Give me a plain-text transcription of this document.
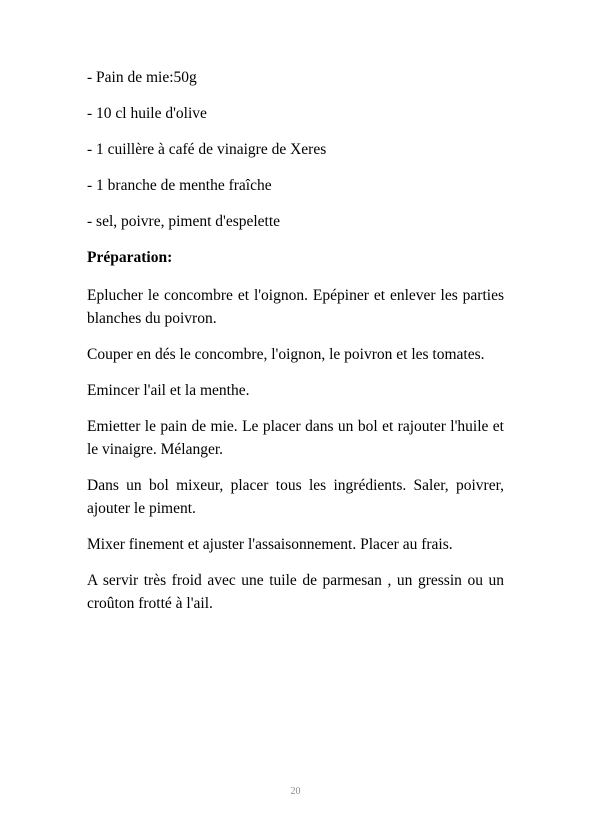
- Pain de mie:50g
- 10 cl huile d'olive
- 1 cuillère à café de vinaigre de Xeres
- 1 branche de menthe fraîche
- sel, poivre, piment d'espelette
Préparation:

Eplucher le concombre et l'oignon. Epépiner et enlever les parties blanches du poivron.

Couper en dés le concombre, l'oignon, le poivron et les tomates.

Emincer l'ail et la menthe.

Emietter le pain de mie. Le placer dans un bol et rajouter l'huile et le vinaigre. Mélanger.

Dans un bol mixeur, placer tous les ingrédients. Saler, poivrer, ajouter le piment.

Mixer finement et ajuster l'assaisonnement. Placer au frais.

A servir très froid avec une tuile de parmesan , un gressin ou un croûton frotté à l'ail.

20
